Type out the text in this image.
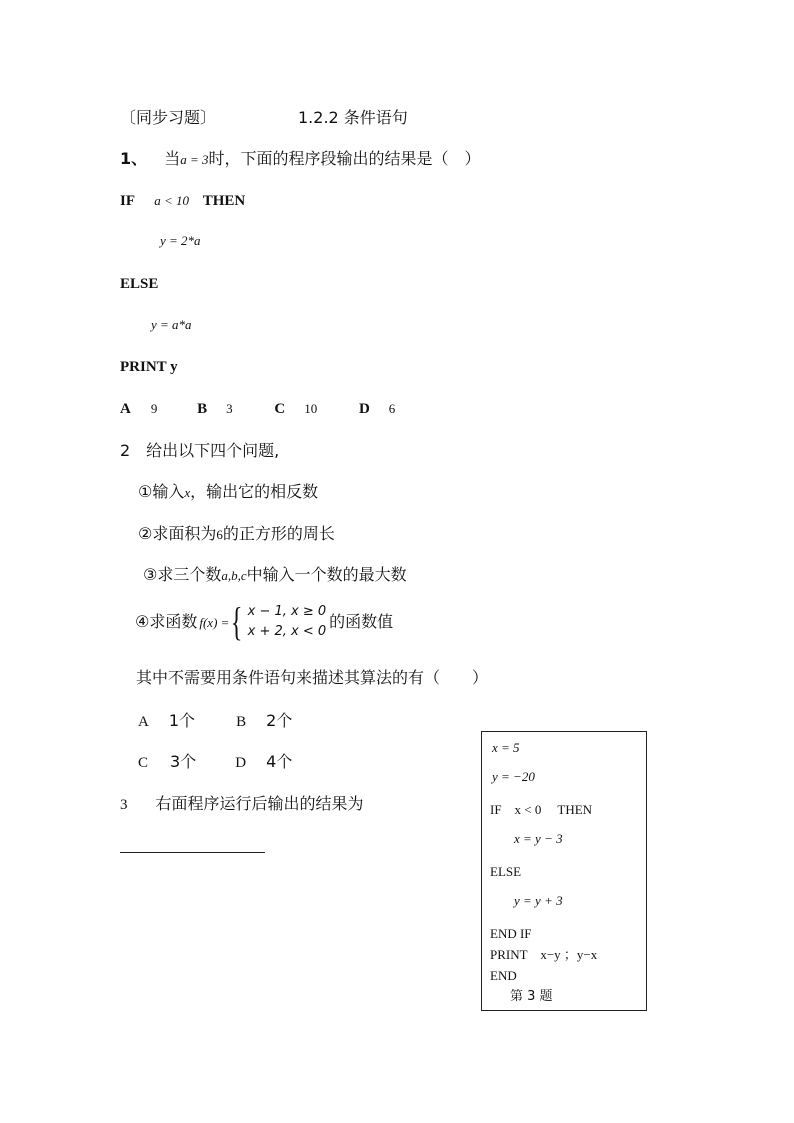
〔同步习题〕	1.2.2 条件语句
1、 当a = 3时，下面的程序段输出的结果是（　）
IF a < 10 THEN
y = 2*a
ELSE
y = a*a
PRINT y
A 9	B 3	C 10	D 6
2　给出以下四个问题,
①输入x，输出它的相反数
②求面积为6的正方形的周长
③求三个数a,b,c中输入一个数的最大数
④求函数 f(x) = { x − 1, x ≥ 0
x + 2, x < 0
的函数值
其中不需要用条件语句来描述其算法的有（　　）
A 1个	B 2个
C 3个	D 4个
3 右面程序运行后输出的结果为
x = 5
y = −20
IF　x < 0　 THEN
x = y − 3
ELSE
y = y + 3
END IF
PRINT　x−y ；y−x
END
第 3 题
